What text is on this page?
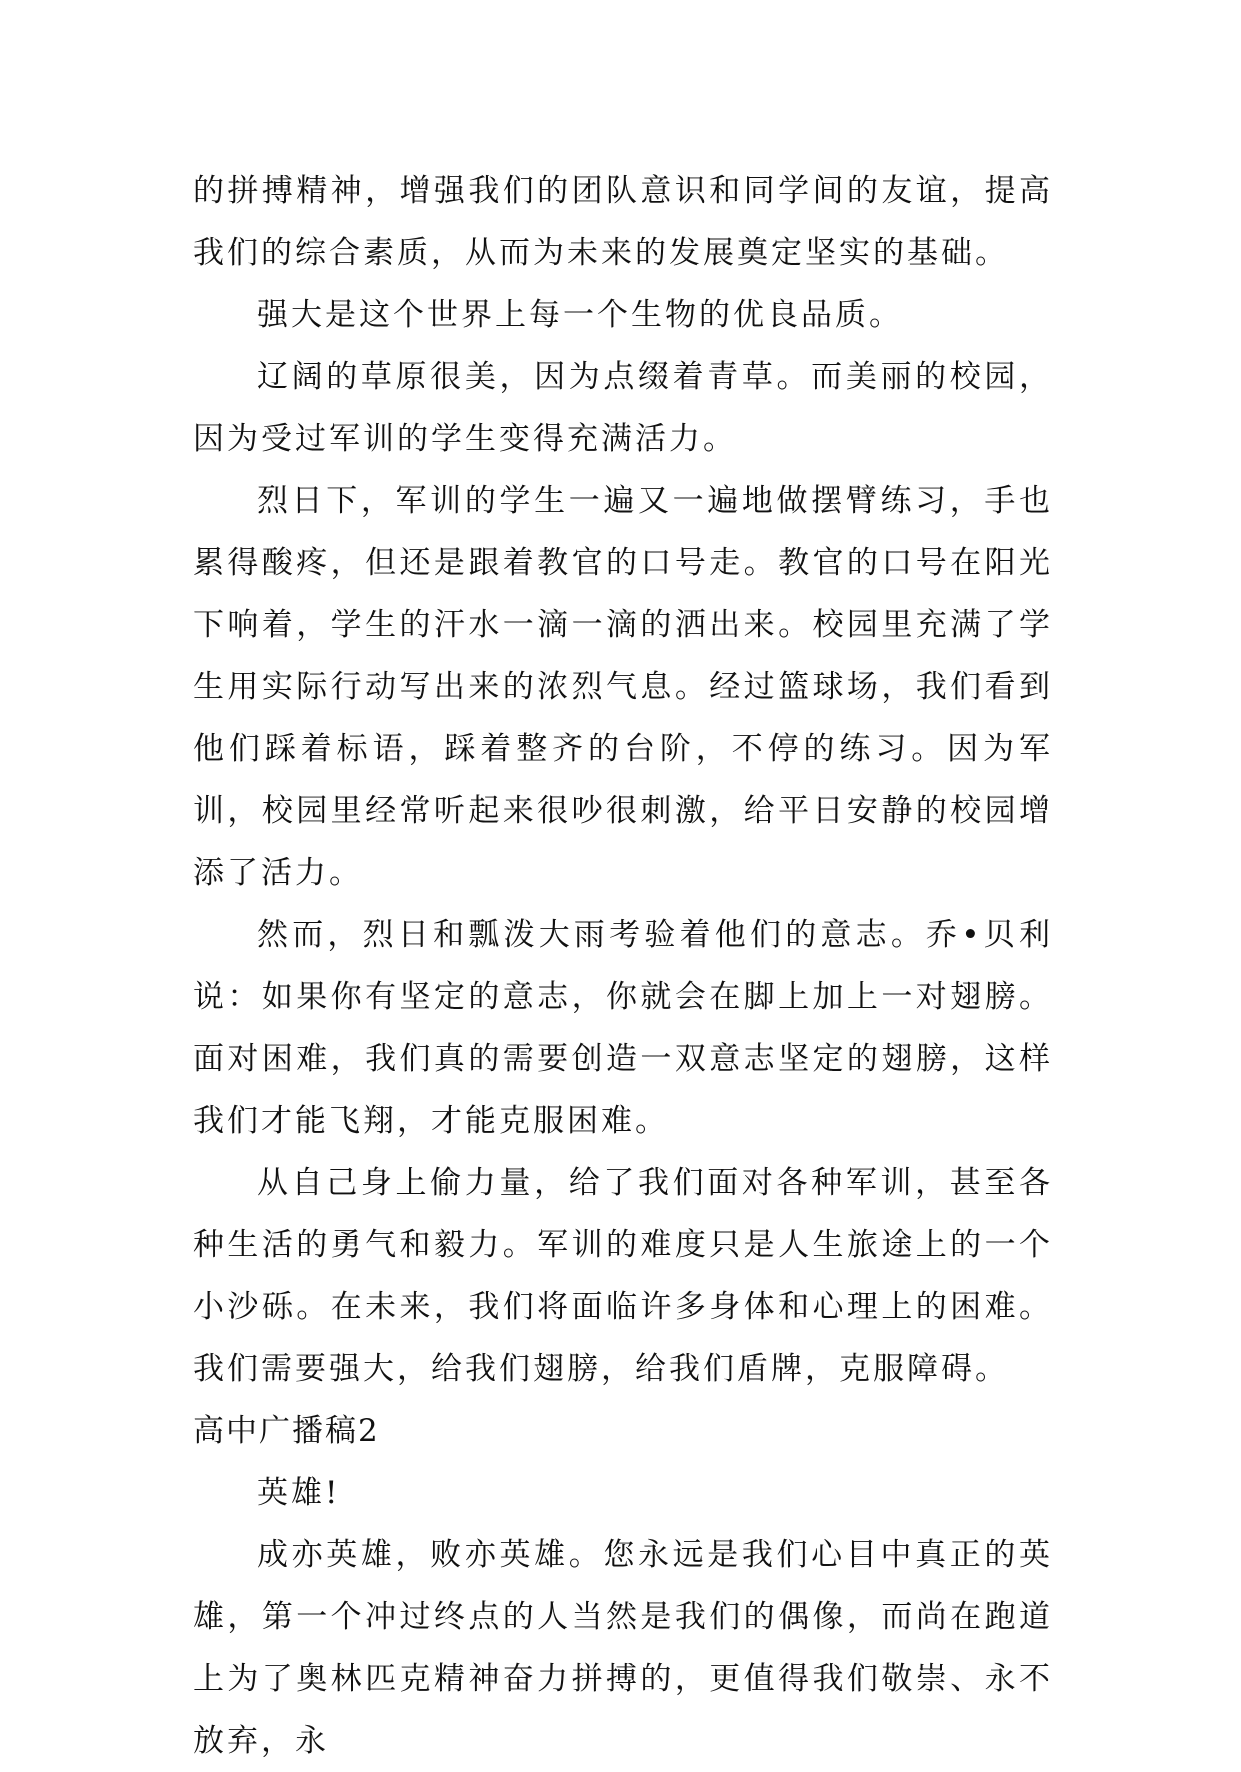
的拼搏精神，增强我们的团队意识和同学间的友谊，提高我们的综合素质，从而为未来的发展奠定坚实的基础。

强大是这个世界上每一个生物的优良品质。

辽阔的草原很美，因为点缀着青草。而美丽的校园，因为受过军训的学生变得充满活力。

烈日下，军训的学生一遍又一遍地做摆臂练习，手也累得酸疼，但还是跟着教官的口号走。教官的口号在阳光下响着，学生的汗水一滴一滴的洒出来。校园里充满了学生用实际行动写出来的浓烈气息。经过篮球场，我们看到他们踩着标语，踩着整齐的台阶，不停的练习。因为军训，校园里经常听起来很吵很刺激，给平日安静的校园增添了活力。

然而，烈日和瓢泼大雨考验着他们的意志。乔•贝利说：如果你有坚定的意志，你就会在脚上加上一对翅膀。面对困难，我们真的需要创造一双意志坚定的翅膀，这样我们才能飞翔，才能克服困难。

从自己身上偷力量，给了我们面对各种军训，甚至各种生活的勇气和毅力。军训的难度只是人生旅途上的一个小沙砾。在未来，我们将面临许多身体和心理上的困难。我们需要强大，给我们翅膀，给我们盾牌，克服障碍。

高中广播稿2

英雄!

成亦英雄，败亦英雄。您永远是我们心目中真正的英雄，第一个冲过终点的人当然是我们的偶像，而尚在跑道上为了奥林匹克精神奋力拼搏的，更值得我们敬崇、永不放弃，永
